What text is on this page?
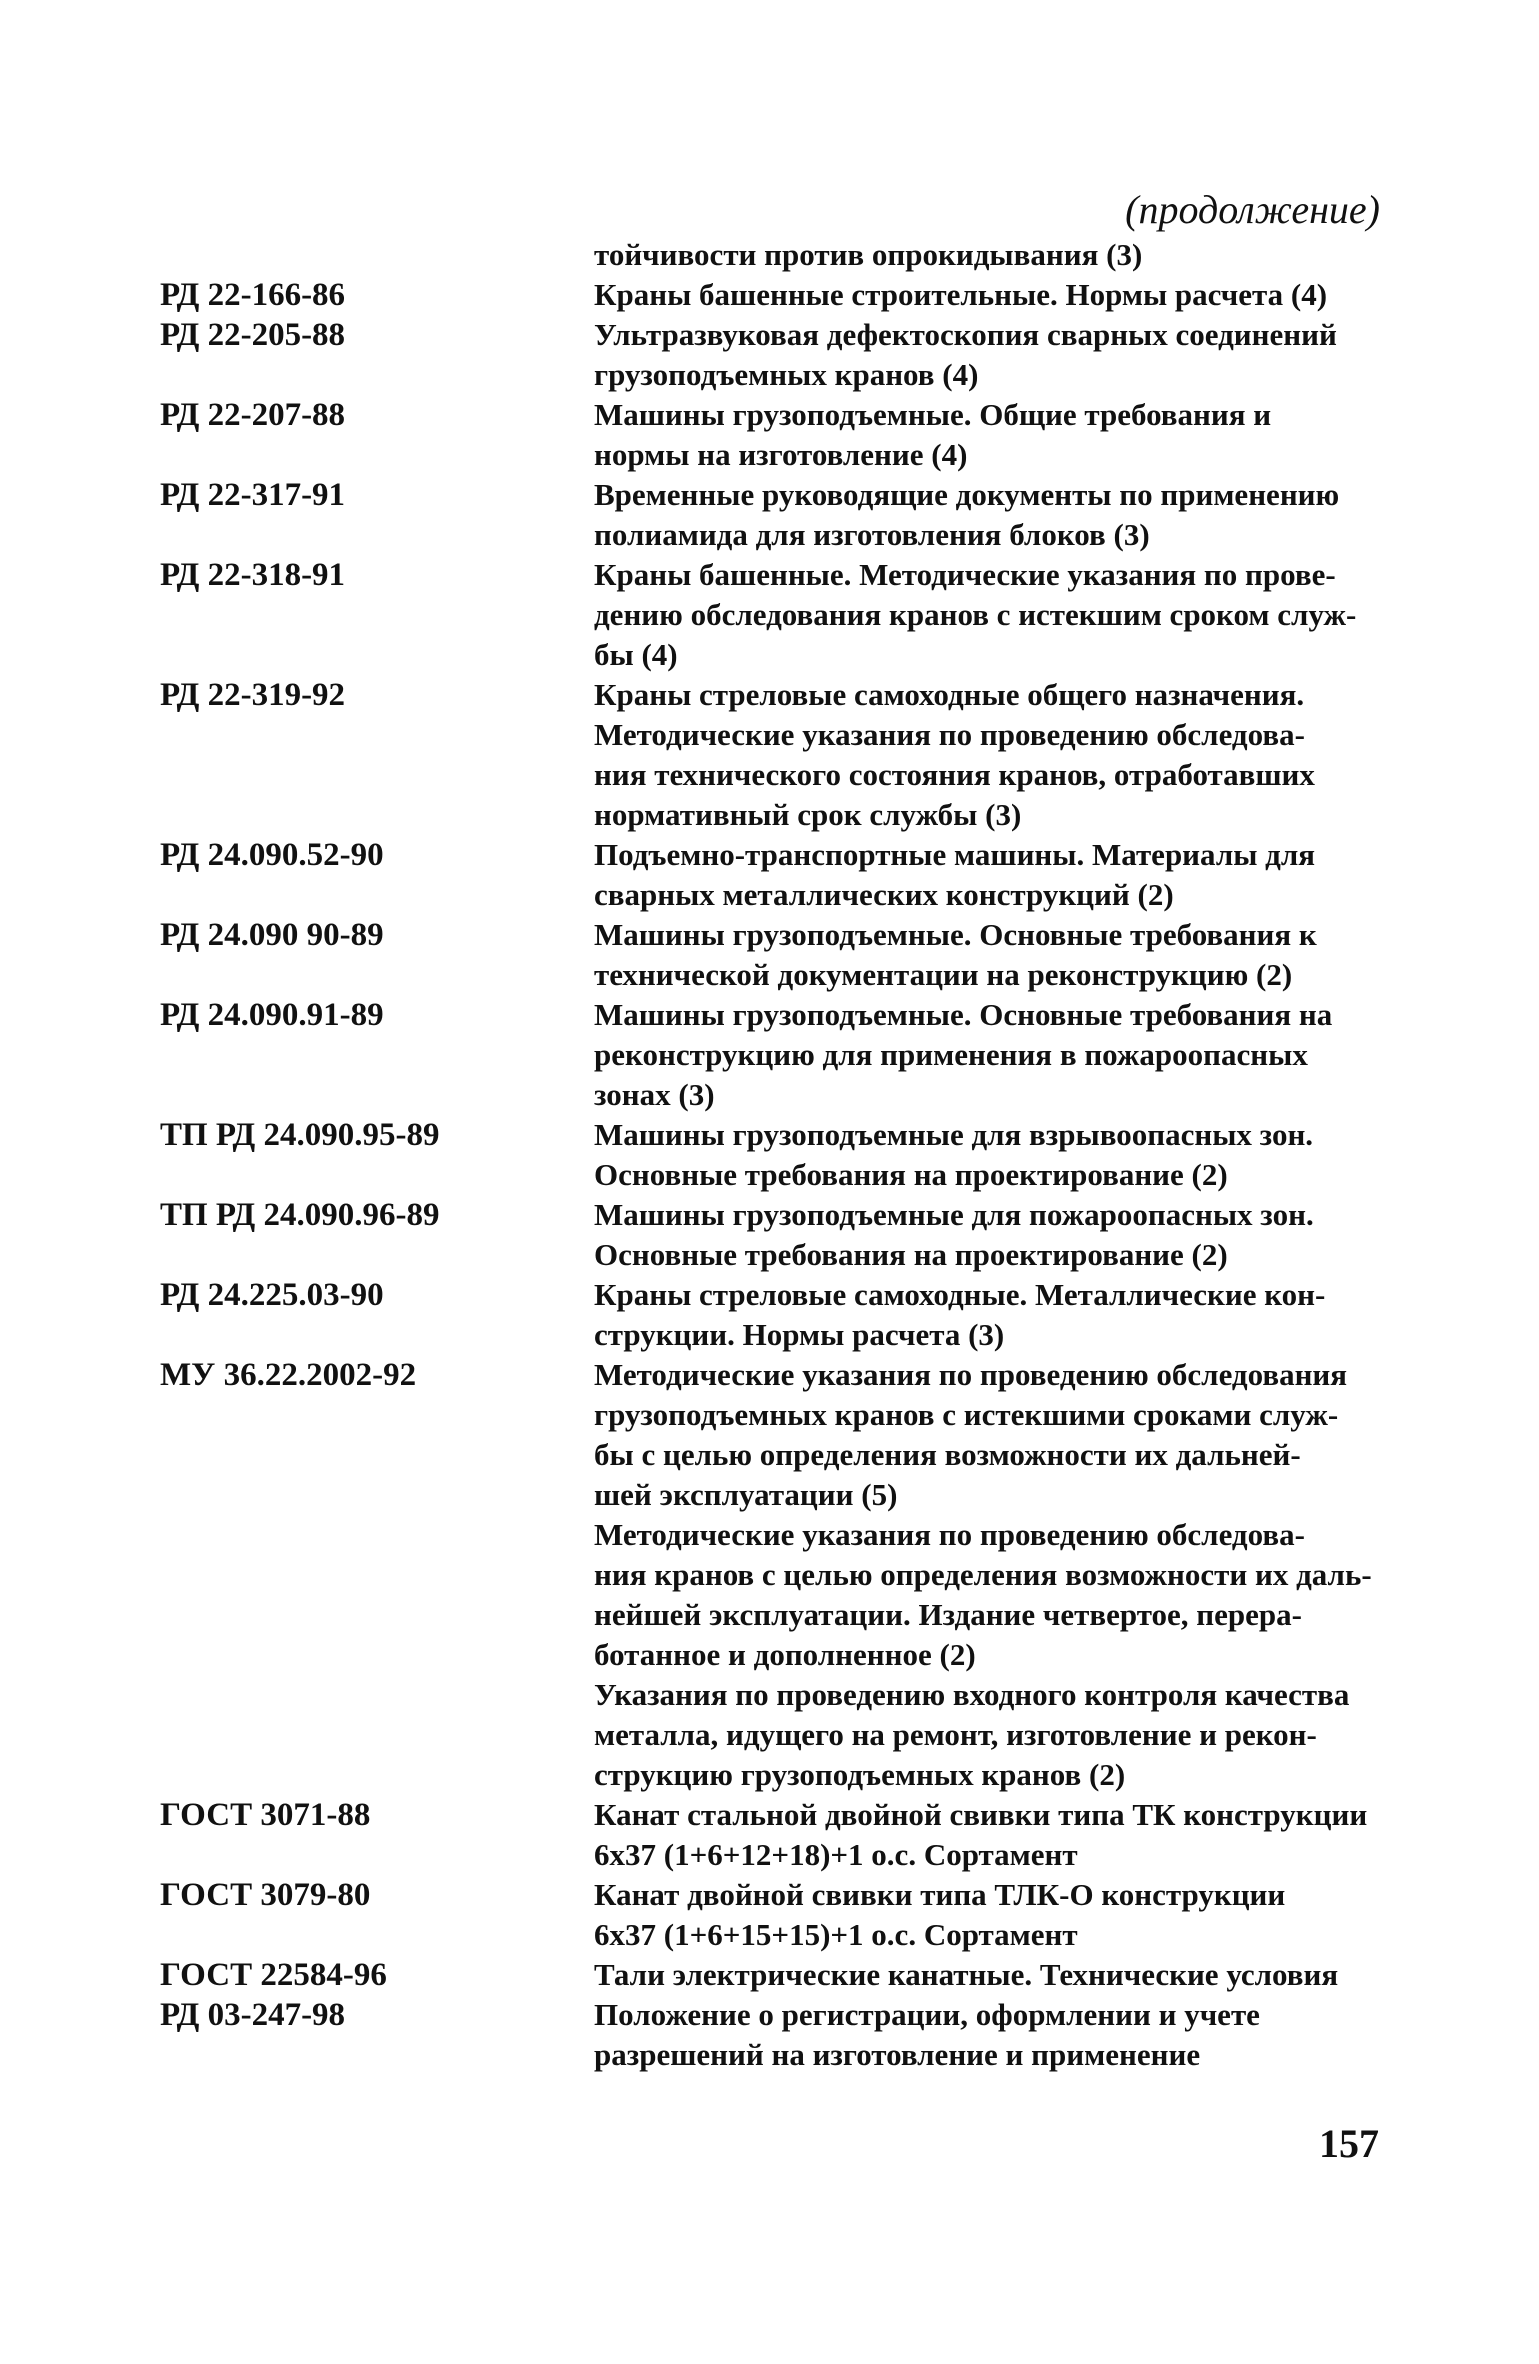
(продолжение)
тойчивости против опрокидывания (3)
РД 22-166-86	Краны башенные строительные. Нормы расчета (4)
РД 22-205-88	Ультразвуковая дефектоскопия сварных соединений
грузоподъемных кранов (4)
РД 22-207-88	Машины грузоподъемные. Общие требования и
нормы на изготовление (4)
РД 22-317-91	Временные руководящие документы по применению
полиамида для изготовления блоков (3)
РД 22-318-91	Краны башенные. Методические указания по прове-
дению обследования кранов с истекшим сроком служ-
бы (4)
РД 22-319-92	Краны стреловые самоходные общего назначения.
Методические указания по проведению обследова-
ния технического состояния кранов, отработавших
нормативный срок службы (3)
РД 24.090.52-90	Подъемно-транспортные машины. Материалы для
сварных металлических конструкций (2)
РД 24.090 90-89	Машины грузоподъемные. Основные требования к
технической документации на реконструкцию (2)
РД 24.090.91-89	Машины грузоподъемные. Основные требования на
реконструкцию для применения в пожароопасных
зонах (3)
ТП РД 24.090.95-89	Машины грузоподъемные для взрывоопасных зон.
Основные требования на проектирование (2)
ТП РД 24.090.96-89	Машины грузоподъемные для пожароопасных зон.
Основные требования на проектирование (2)
РД 24.225.03-90	Краны стреловые самоходные. Металлические кон-
струкции. Нормы расчета (3)
МУ 36.22.2002-92	Методические указания по проведению обследования
грузоподъемных кранов с истекшими сроками служ-
бы с целью определения возможности их дальней-
шей эксплуатации (5)
Методические указания по проведению обследова-
ния кранов с целью определения возможности их даль-
нейшей эксплуатации. Издание четвертое, перера-
ботанное и дополненное (2)
Указания по проведению входного контроля качества
металла, идущего на ремонт, изготовление и рекон-
струкцию грузоподъемных кранов (2)
ГОСТ 3071-88	Канат стальной двойной свивки типа ТК конструкции
6х37 (1+6+12+18)+1 о.с. Сортамент
ГОСТ 3079-80	Канат двойной свивки типа ТЛК-О конструкции
6х37 (1+6+15+15)+1 о.с. Сортамент
ГОСТ 22584-96	Тали электрические канатные. Технические условия
РД 03-247-98	Положение о регистрации, оформлении и учете
разрешений на изготовление и применение
157
